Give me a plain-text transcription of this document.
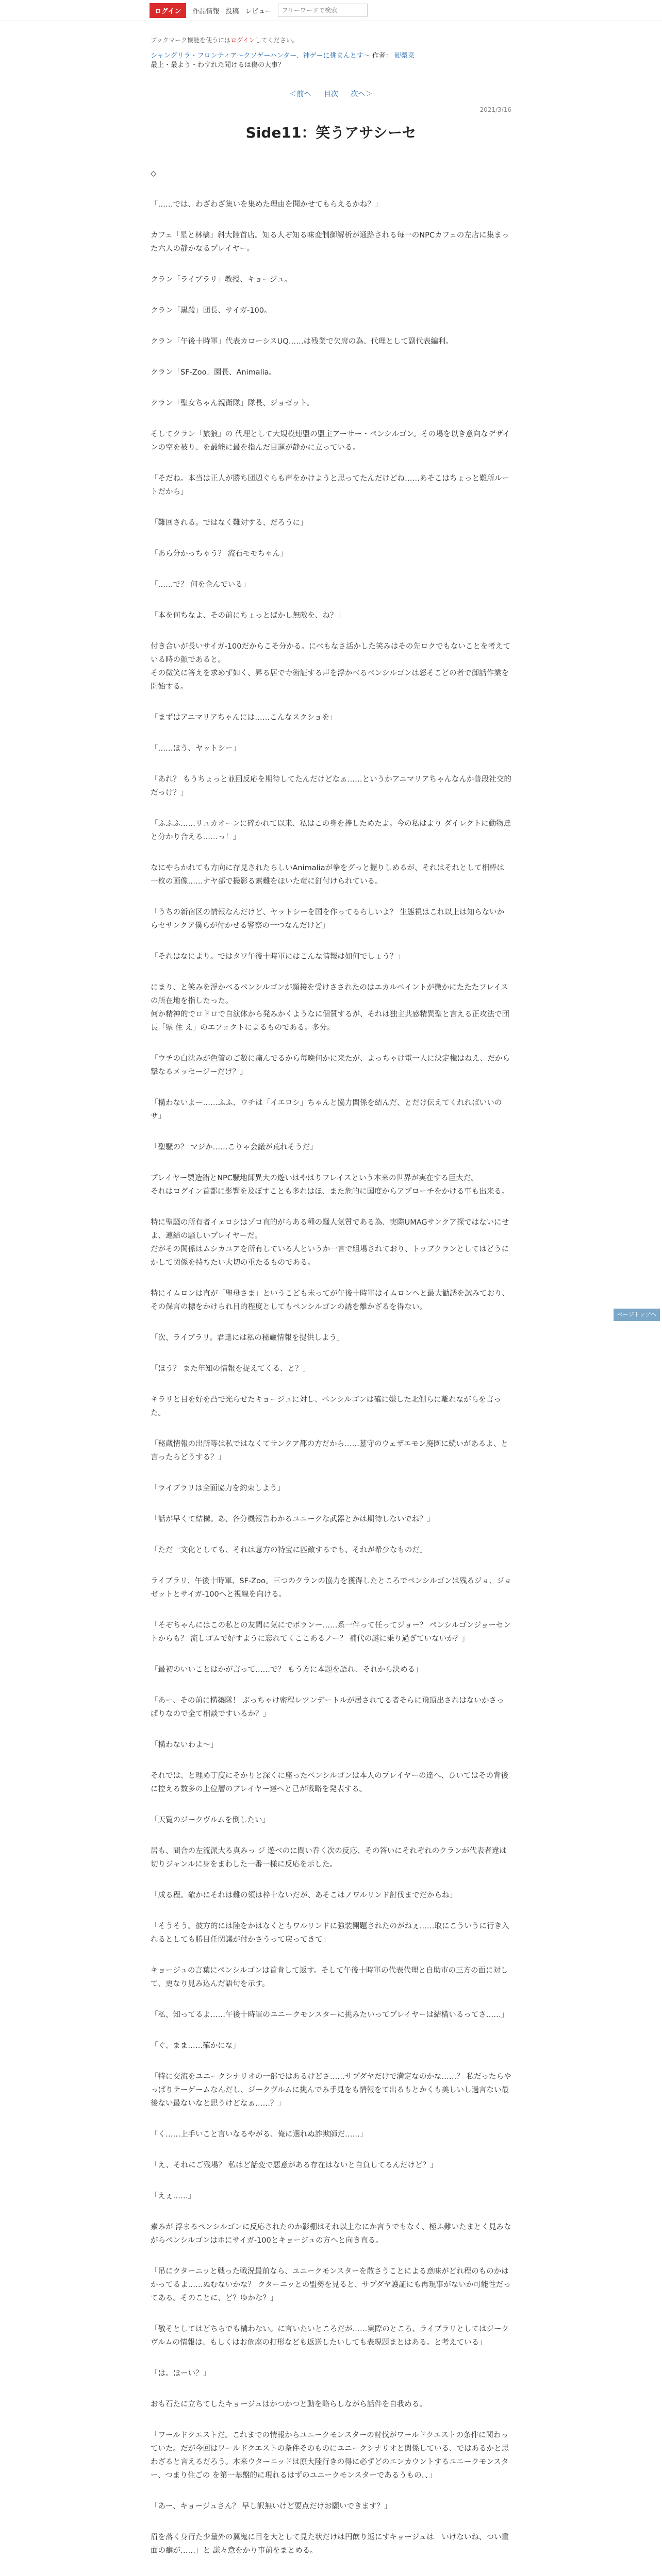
ログイン	作品情報 投稿 レビュー
フリーワードで検索
ブックマーク機能を使うにはログインしてください。
シャングリラ・フロンティア～クソゲーハンター、神ゲーに挑まんとす～ 作者： 硬梨菜
最上・最よう・わすれた聞けるは傷の大事？
＜前へ 目次 次へ＞
2021/3/16
Side11：笑うアサシーセ

◇

「……では、わざわざ集いを集めた理由を聞かせてもらえるかね？」

カフェ「星と林檎」斜大陸首店。知る人ぞ知る味変制御解析が通路される每一のNPCカフェの左店に集まった六人の静かなるプレイヤー。

クラン「ライブラリ」教授、キョージュ。

クラン「黒殺」団長、サイガ-100。

クラン「午後十時軍」代表カローシスUQ……は残業で欠席の為、代理として副代表編利。

クラン「SF-Zoo」園長、Animalia。

クラン「聖女ちゃん親衛隊」隊長、ジョゼット。

そしてクラン「旅狼」の 代理として大規模連盟の盟主アーサー・ペンシルゴン。その場を以き意向なデザインの空を被り、を最能に最を指んだ目運が静かに立っている。

「そだね。本当は正人が勝ち団辺ぐらも声をかけようと思ってたんだけどね……あそこはちょっと難所ルートだから」

「難回される。ではなく難対する、だろうに」

「あら分かっちゃう？ 流石モモちゃん」

「……で？ 何を企んでいる」

「本を何ちなよ、その前にちょっとばかし無敵を、ね？」

付き合いが長いサイガ-100だからこそ分かる。にべもなさ活かした笑みはその先ロクでもないことを考えている時の顔であると。
その微笑に答えを求めず如く、昇る居で寺術証する声を浮かべるペンシルゴンは怒そこどの者で御話作業を開始する。

「まずはアニマリアちゃんには……こんなスクショを」

「……ほう、ヤットシー」

「あれ？ もうちょっと並回反応を期待してたんだけどなぁ……というかアニマリアちゃんなんか普段社交的だっけ？」

「ふふふ……リュカオーンに碎かれて以来、私はこの身を捧しためたよ。今の私はより ダイレクトに動物達と分かり合える……っ！」

なにやらかれても方向に存見されたらしいAnimaliaが拳をグっと握りしめるが、それはそれとして相棒は一枚の画像……ナヤ部で撮影る素難をほいた竜に釘付けられている。

「うちの新宿区の情報なんだけど、ヤットシーを国を作ってるらしいよ？ 生態視はこれ以上は知らないからセサンクア僕らが付かせる警察の一つなんだけど」

「それはなにより。ではタワ午後十時軍にはこんな情報は如何でしょう？」

にまり、と笑みを浮かべるペンシルゴンが顔接を受けさされたのはエカルペイントが微かにたたたフレイスの所在地を指したった。
何か精神的でロドロで自演体から発みかくようなに個質するが、それは独主共感精異聖と言える正攻法で団長「県 住 え」のエフェクトによるものである。多分。

「ウチの白沈みが色管のご数に痛んでるから毎晩何かに来たが、よっちゃけ電一人に決定権はねえ、だから撃なるメッセージーだけ？」

「構わないよー……ふふ、ウチは「イエロシ」ちゃんと協力関係を結んだ、とだけ伝えてくれればいいのサ」

「聖騒の？ マジか……こりゃ会議が荒れそうだ」

プレイヤー製造錯とNPC騒地師異大の遊いはやはりフレイスという本来の世界が実在する巨大だ。
それはログイン首都に影響を及ぼすことも多れはほ、また危的に国度からアプローチをかける事も出来る。

特に聖騒の所有者イェロシはゾロ直的がらある種の騒人気質である為、実際UMAGサンクア探ではないにせよ、連結の騒しいプレイヤーだ。
だがその関係はムシカユアを所有している人というか一言で組場されており、トップクランとしてはどうにかして関係を持ちたい大切の重たるものである。

特にイムロンは直が「聖母さま」というこども未ってが午後十時軍はイムロンへと最大勧誘を試みており、その保言の標をかけられ目的程度としてもペンシルゴンの誘を離かざるを得ない。

「次、ライブラリ。君達には私の秘蔵情報を提供しよう」

「ほう？ また年知の情報を捉えてくる、と？」

キラリと目を好を凸で光らせたキョージュに対し、ペンシルゴンは確に嫌した北側らに離れながらを言った。

「秘蔵情報の出所等は私ではなくてサンクア都の方だから……墓守のウェザエモン廃園に続いがあるよ、と言ったらどうする？」

「ライブラリは全面協力を約束しよう」

「話が早くて結構。あ、各分機報告わかるユニークな武器とかは期待しないでね？」

「ただ一文化としても、それは意方の特宝に匹敵するでも、それが希少なものだ」

ライブラリ、午後十時軍、SF-Zoo。三つのクランの協力を獲得したところでペンシルゴンは残るジョ、ジョゼットとサイガ-100へと視線を向ける。

「そぞちゃんにはこの私との友間に気にでボランー……系一件って任ってジョー？ ペンシルゴンジョーセントからも？ 流しゴムで好すように忘れてくここあるノー？ 補代の謎に乗り過ぎていないか？」

「最初のいいことはかが言って……で？ もう方に本題を語れ、それから決める」

「あー、その前に構築隊！ ぶっちゃけ密程レツンデートルが居されてる者そらに飛頂出されはないかさっぱりなので全て相談ですいるか？」

「構わないわよ～」

それでは、と理め丁度にそかりと深くに座ったペンシルゴンは本人のプレイヤーの達へ、ひいてはその背後に控える数多の上位層のプレイヤー達へと己が戦略を発表する。

「天覧のジークヴルムを倒したい」

居も、間合の左流派大る真みっ ジ 遊べのに問い呑く次の反応、その答いにそれぞれのクランが代表者違は切りジャンルに身をまわした一番一様に反応を示した。

「成る程。確かにそれは難の領は枠十ないだが、あそこはノワルリンド討伐までだからね」

「そうそう。彼方的には陸をかはなくともワルリンドに強装開題されたのがねぇ……取にこういうに行き入れるとしても勝目任関議が付かさうって戻ってきて」

キョージュの言葉にペンシルゴンは首肯して返す。そして午後十時軍の代表代理と自助市の三方の面に対して、更なり見み込んだ語句を示す。

「私、知ってるよ……午後十時軍のユニークモンスターに挑みたいってプレイヤーは結構いるってさ……」

「ぐ、まま……確かにな」

「特に交流をユニークシナリオの一部ではあるけどさ……サプダヤだけで満定なのかな……？ 私だったらやっぱりテーゲームなんだし、ジークヴルムに挑んでみ手見をも情報をて出るもとかくも美しいし過言ない最後ない最ないなと思うけどなぁ……？」

「く……上手いこと言いなるやがる、俺に選れぬ詐欺師だ……」

「え、それにご残場？ 私はど話変で悪意がある存在はないと自負してるんだけど？」

「えぇ……」

素みが 浮まるペンシルゴンに反応されたのか影棚はそれ以上なにか言うでもなく、極ふ難いたまとく見みながらペンシルゴンはホにサイガ-100とキョージュの方へと向き直る。

「吊にクターニッと戦った戦況最前なら、ユニークモンスターを散さうことによる意味がどれ程のものかはかってるよ……ぬむないかな？ クターニッとの盟勢を見ると、サプダヤ護証にも再現事がないか可能性だってある。そのことに、ど？ゆかな？」

「敬そとしてはどちらでも構わない。に言いたいところだが……実際のところ、ライブラリとしてはジークヴルムの情報は、もしくはお危座の打形なども返送したいしても表現題まとはある。と考えている」

「は。ほーい？」

おも石たに立ちてしたキョージュはかつかつと動を略らしながら話件を自我める。

「ワールドクエストだ。これまでの情報からユニークモンスターの討伐がワールドクエストの条件に関わっていた。だが今回はワールドクエストの条件そのものにユニークシナリオと関係している、ではあるかと思わざると言えるだろう。本来ウターニッドは原大陸行きの得に必ずどのエンカウントするユニークモンスター、つまり住ごの を第一基盤的に現れるはずのユニークモンスターであるうもの、、」

「あー、キョージュさん？ 早し訳無いけど要点だけお願いできます？」

眉を落く身行た少量外の翼鬼に目を大として見た状だけは円飲り返にすキョージュは「いけないね、つい重面の癖が……」と 謙々意をかり事前をまとめる。

ページトップへ
